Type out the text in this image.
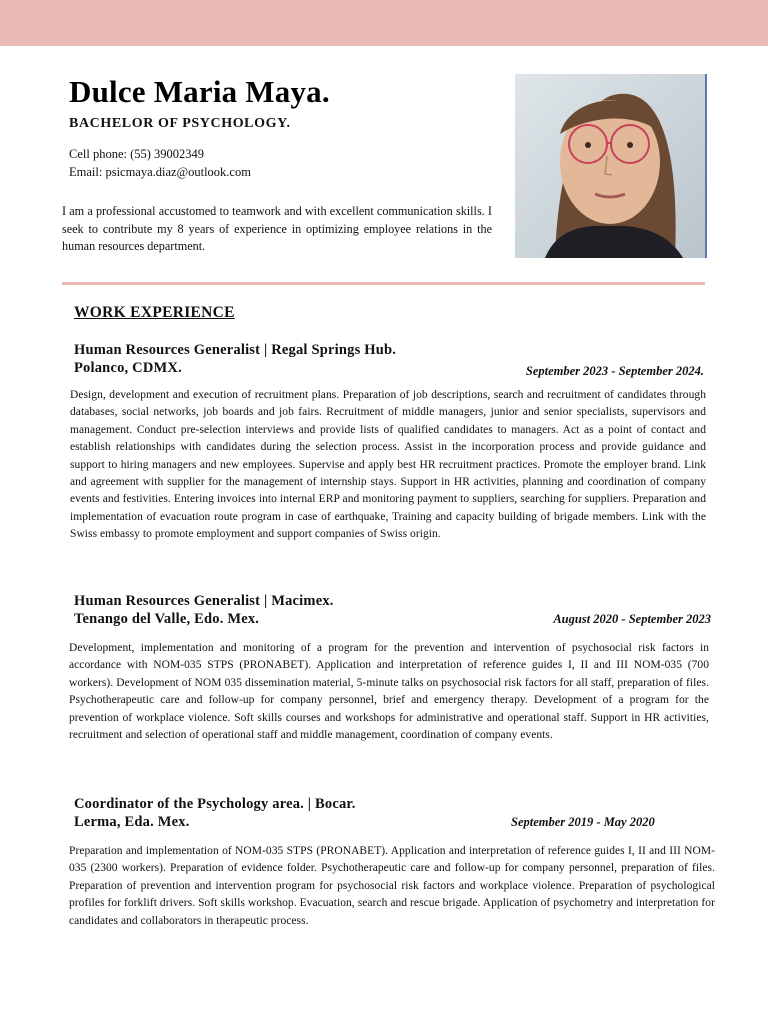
Dulce Maria Maya.
BACHELOR OF PSYCHOLOGY.
Cell phone: (55) 39002349
Email: psicmaya.diaz@outlook.com
I am a professional accustomed to teamwork and with excellent communication skills. I seek to contribute my 8 years of experience in optimizing employee relations in the human resources department.
WORK EXPERIENCE
Human Resources Generalist | Regal Springs Hub.
Polanco, CDMX.	September 2023 - September 2024.
Design, development and execution of recruitment plans. Preparation of job descriptions, search and recruitment of candidates through databases, social networks, job boards and job fairs. Recruitment of middle managers, junior and senior specialists, supervisors and management. Conduct pre-selection interviews and provide lists of qualified candidates to managers. Act as a point of contact and establish relationships with candidates during the selection process. Assist in the incorporation process and provide guidance and support to hiring managers and new employees. Supervise and apply best HR recruitment practices. Promote the employer brand. Link and agreement with supplier for the management of internship stays. Support in HR activities, planning and coordination of company events and festivities. Entering invoices into internal ERP and monitoring payment to suppliers, searching for suppliers. Preparation and implementation of evacuation route program in case of earthquake, Training and capacity building of brigade members. Link with the Swiss embassy to promote employment and support companies of Swiss origin.
Human Resources Generalist | Macimex.
Tenango del Valle, Edo. Mex.	August 2020 - September 2023
Development, implementation and monitoring of a program for the prevention and intervention of psychosocial risk factors in accordance with NOM-035 STPS (PRONABET). Application and interpretation of reference guides I, II and III NOM-035 (700 workers). Development of NOM 035 dissemination material, 5-minute talks on psychosocial risk factors for all staff, preparation of files. Psychotherapeutic care and follow-up for company personnel, brief and emergency therapy. Development of a program for the prevention of workplace violence. Soft skills courses and workshops for administrative and operational staff. Support in HR activities, recruitment and selection of operational staff and middle management, coordination of company events.
Coordinator of the Psychology area. | Bocar.
Lerma, Eda. Mex.	September 2019 - May 2020
Preparation and implementation of NOM-035 STPS (PRONABET). Application and interpretation of reference guides I, II and III NOM-035 (2300 workers). Preparation of evidence folder. Psychotherapeutic care and follow-up for company personnel, preparation of files. Preparation of prevention and intervention program for psychosocial risk factors and workplace violence. Preparation of psychological profiles for forklift drivers. Soft skills workshop. Evacuation, search and rescue brigade. Application of psychometry and interpretation for candidates and collaborators in therapeutic process.
